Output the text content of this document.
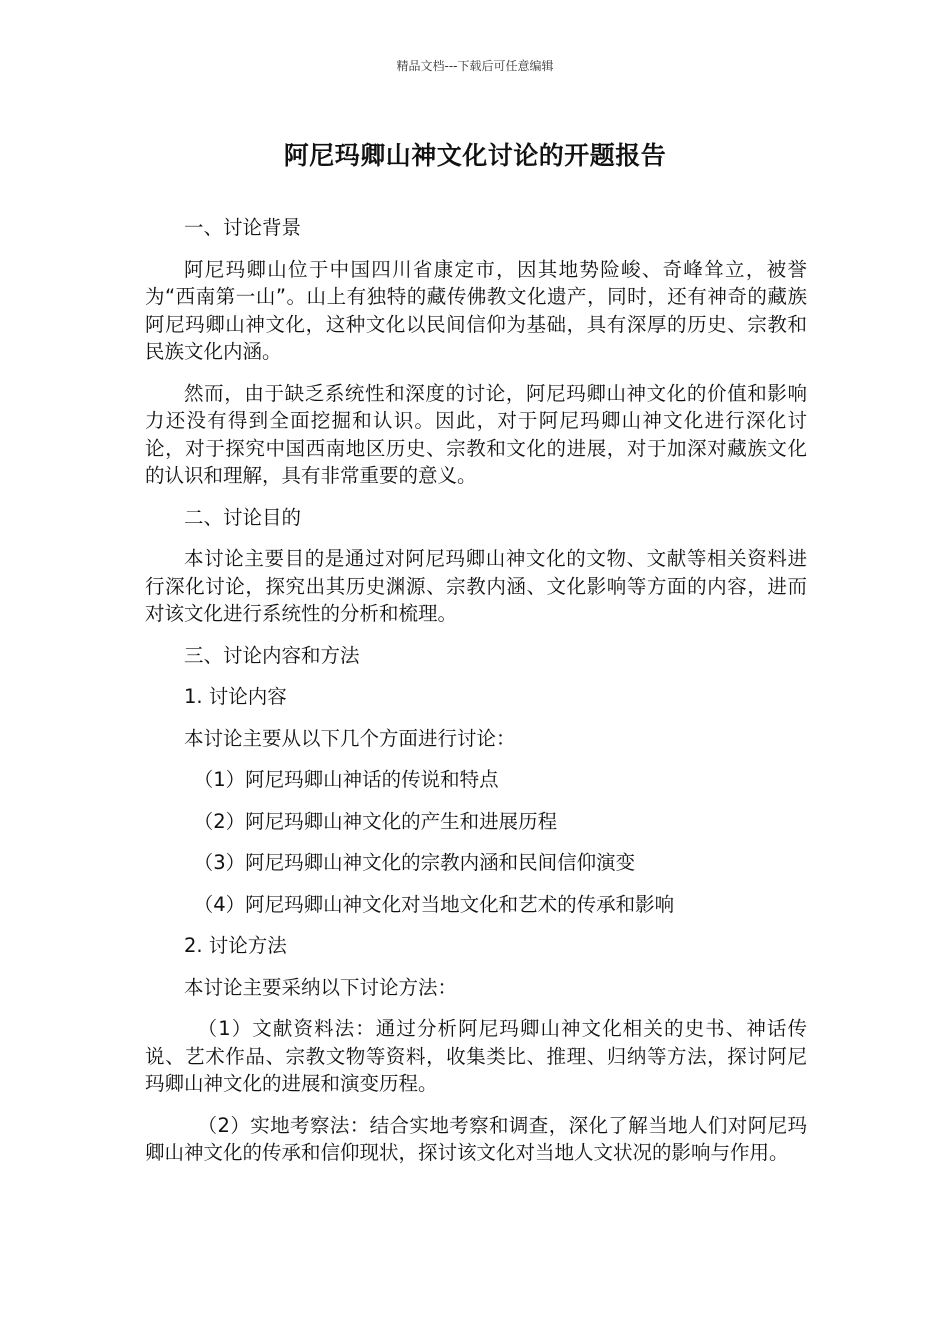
精品文档---下载后可任意编辑
阿尼玛卿山神文化讨论的开题报告

一、讨论背景

阿尼玛卿山位于中国四川省康定市，因其地势险峻、奇峰耸立，被誉为“西南第一山”。山上有独特的藏传佛教文化遗产，同时，还有神奇的藏族阿尼玛卿山神文化，这种文化以民间信仰为基础，具有深厚的历史、宗教和民族文化内涵。

然而，由于缺乏系统性和深度的讨论，阿尼玛卿山神文化的价值和影响力还没有得到全面挖掘和认识。因此，对于阿尼玛卿山神文化进行深化讨论，对于探究中国西南地区历史、宗教和文化的进展，对于加深对藏族文化的认识和理解，具有非常重要的意义。

二、讨论目的

本讨论主要目的是通过对阿尼玛卿山神文化的文物、文献等相关资料进行深化讨论，探究出其历史渊源、宗教内涵、文化影响等方面的内容，进而对该文化进行系统性的分析和梳理。

三、讨论内容和方法

1. 讨论内容

本讨论主要从以下几个方面进行讨论：

（1）阿尼玛卿山神话的传说和特点

（2）阿尼玛卿山神文化的产生和进展历程

（3）阿尼玛卿山神文化的宗教内涵和民间信仰演变

（4）阿尼玛卿山神文化对当地文化和艺术的传承和影响

2. 讨论方法

本讨论主要采纳以下讨论方法：

（1）文献资料法：通过分析阿尼玛卿山神文化相关的史书、神话传说、艺术作品、宗教文物等资料，收集类比、推理、归纳等方法，探讨阿尼玛卿山神文化的进展和演变历程。

（2）实地考察法：结合实地考察和调查，深化了解当地人们对阿尼玛卿山神文化的传承和信仰现状，探讨该文化对当地人文状况的影响与作用。
